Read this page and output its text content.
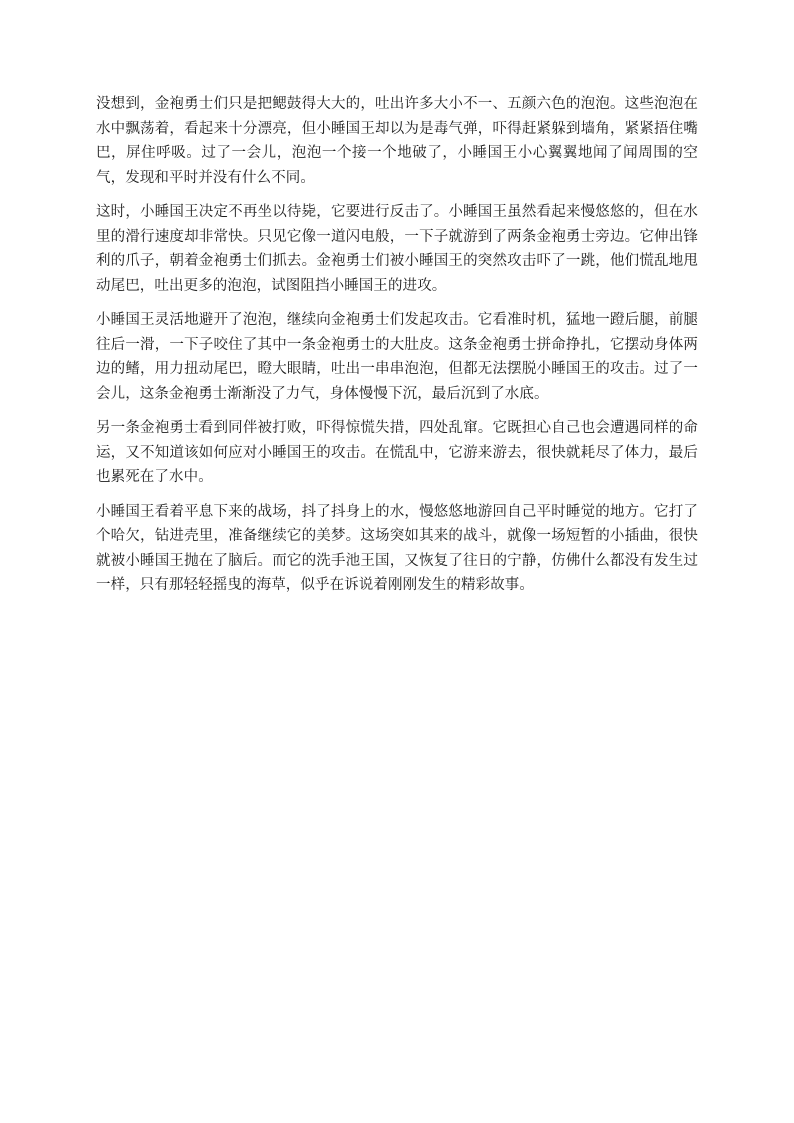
没想到，金袍勇士们只是把鳃鼓得大大的，吐出许多大小不一、五颜六色的泡泡。这些泡泡在水中飘荡着，看起来十分漂亮，但小睡国王却以为是毒气弹，吓得赶紧躲到墙角，紧紧捂住嘴巴，屏住呼吸。过了一会儿，泡泡一个接一个地破了，小睡国王小心翼翼地闻了闻周围的空气，发现和平时并没有什么不同。

这时，小睡国王决定不再坐以待毙，它要进行反击了。小睡国王虽然看起来慢悠悠的，但在水里的滑行速度却非常快。只见它像一道闪电般，一下子就游到了两条金袍勇士旁边。它伸出锋利的爪子，朝着金袍勇士们抓去。金袍勇士们被小睡国王的突然攻击吓了一跳，他们慌乱地甩动尾巴，吐出更多的泡泡，试图阻挡小睡国王的进攻。

小睡国王灵活地避开了泡泡，继续向金袍勇士们发起攻击。它看准时机，猛地一蹬后腿，前腿往后一滑，一下子咬住了其中一条金袍勇士的大肚皮。这条金袍勇士拼命挣扎，它摆动身体两边的鳍，用力扭动尾巴，瞪大眼睛，吐出一串串泡泡，但都无法摆脱小睡国王的攻击。过了一会儿，这条金袍勇士渐渐没了力气，身体慢慢下沉，最后沉到了水底。

另一条金袍勇士看到同伴被打败，吓得惊慌失措，四处乱窜。它既担心自己也会遭遇同样的命运，又不知道该如何应对小睡国王的攻击。在慌乱中，它游来游去，很快就耗尽了体力，最后也累死在了水中。

小睡国王看着平息下来的战场，抖了抖身上的水，慢悠悠地游回自己平时睡觉的地方。它打了个哈欠，钻进壳里，准备继续它的美梦。这场突如其来的战斗，就像一场短暂的小插曲，很快就被小睡国王抛在了脑后。而它的洗手池王国，又恢复了往日的宁静，仿佛什么都没有发生过一样，只有那轻轻摇曳的海草，似乎在诉说着刚刚发生的精彩故事。
